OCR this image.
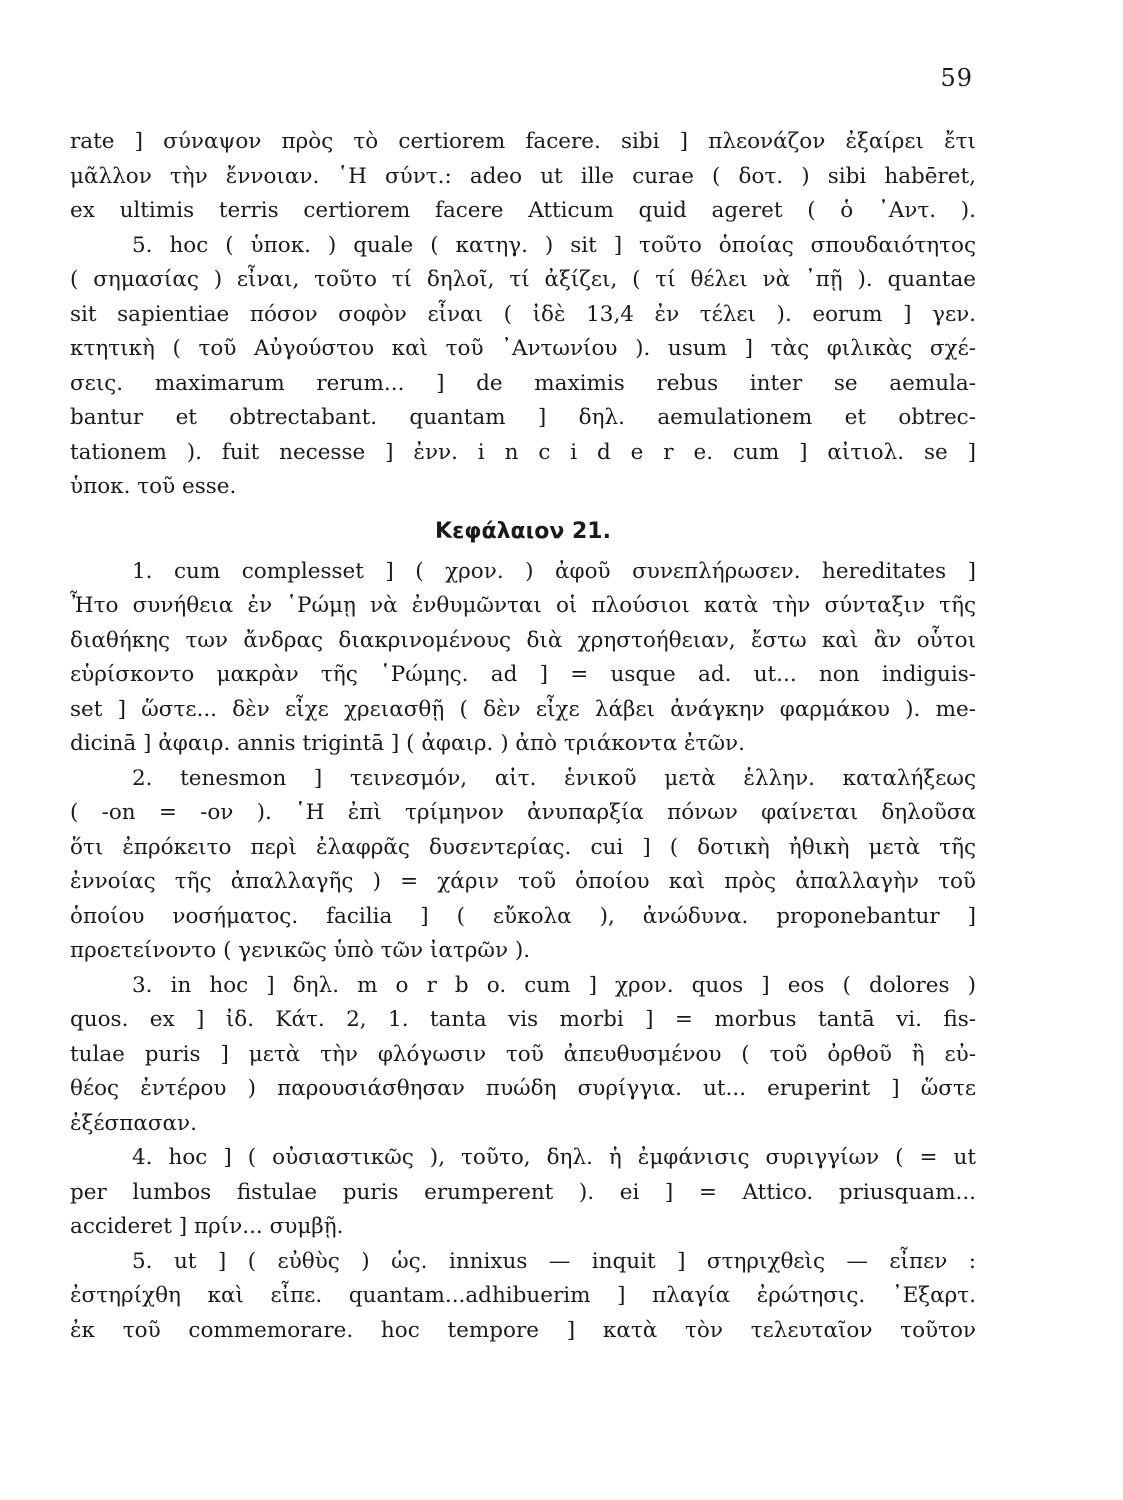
59
rate ] σύναψον πρὸς τὸ certiorem facere. sibi ] πλεονάζον ἐξαίρει ἔτι
μᾶλλον τὴν ἔννοιαν. ῾Η σύντ.: adeo ut ille curae ( δοτ. ) sibi habēret,
ex ultimis terris certiorem facere Atticum quid ageret ( ὁ ᾽Αντ. ).
5. hoc ( ὑποκ. ) quale ( κατηγ. ) sit ] τοῦτο ὁποίας σπουδαιότητος
( σημασίας ) εἶναι, τοῦτο τί δηλοῖ, τί ἀξίζει, ( τί θέλει νὰ ᾽πῇ ). quantae
sit sapientiae πόσον σοφὸν εἶναι ( ἰδὲ 13,4 ἐν τέλει ). eorum ] γεν.
κτητικὴ ( τοῦ Αὐγούστου καὶ τοῦ ᾽Αντωνίου ). usum ] τὰς φιλικὰς σχέ-
σεις. maximarum rerum... ] de maximis rebus inter se aemula-
bantur et obtrectabant. quantam ] δηλ. aemulationem et obtrec-
tationem ). fuit necesse ] ἐνν. i n c i d e r e. cum ] αἰτιολ. se ]
ὑποκ. τοῦ esse.
Κεφάλαιον 21.
1. cum complesset ] ( χρον. ) ἀφοῦ συνεπλήρωσεν. hereditates ]
Ἦτο συνήθεια ἐν ῾Ρώμῃ νὰ ἐνθυμῶνται οἱ πλούσιοι κατὰ τὴν σύνταξιν τῆς
διαθήκης των ἄνδρας διακρινομένους διὰ χρηστοήθειαν, ἔστω καὶ ἂν οὗτοι
εὑρίσκοντο μακρὰν τῆς ῾Ρώμης. ad ] = usque ad. ut... non indiguis-
set ] ὥστε... δὲν εἶχε χρειασθῇ ( δὲν εἶχε λάβει ἀνάγκην φαρμάκου ). me-
dicinā ] ἀφαιρ. annis trigintā ] ( ἀφαιρ. ) ἀπὸ τριάκοντα ἐτῶν.
2. tenesmon ] τεινεσμόν, αἰτ. ἑνικοῦ μετὰ ἑλλην. καταλήξεως
( -on = -ον ). ῾Η ἐπὶ τρίμηνον ἀνυπαρξία πόνων φαίνεται δηλοῦσα
ὅτι ἐπρόκειτο περὶ ἐλαφρᾶς δυσεντερίας. cui ] ( δοτικὴ ἠθικὴ μετὰ τῆς
ἐννοίας τῆς ἀπαλλαγῆς ) = χάριν τοῦ ὁποίου καὶ πρὸς ἀπαλλαγὴν τοῦ
ὁποίου νοσήματος. facilia ] ( εὔκολα ), ἀνώδυνα. proponebantur ]
προετείνοντο ( γενικῶς ὑπὸ τῶν ἰατρῶν ).
3. in hoc ] δηλ. m o r b o. cum ] χρον. quos ] eos ( dolores )
quos. ex ] ἰδ. Κάτ. 2, 1. tanta vis morbi ] = morbus tantā vi. fis-
tulae puris ] μετὰ τὴν φλόγωσιν τοῦ ἀπευθυσμένου ( τοῦ ὀρθοῦ ἢ εὐ-
θέος ἐντέρου ) παρουσιάσθησαν πυώδη συρίγγια. ut... eruperint ] ὥστε
ἐξέσπασαν.
4. hoc ] ( οὐσιαστικῶς ), τοῦτο, δηλ. ἡ ἐμφάνισις συριγγίων ( = ut
per lumbos fistulae puris erumperent ). ei ] = Attico. priusquam...
accideret ] πρίν... συμβῇ.
5. ut ] ( εὐθὺς ) ὡς. innixus — inquit ] στηριχθεὶς — εἶπεν :
ἐστηρίχθη καὶ εἶπε. quantam...adhibuerim ] πλαγία ἐρώτησις. ᾽Εξαρτ.
ἐκ τοῦ commemorare. hoc tempore ] κατὰ τὸν τελευταῖον τοῦτον
